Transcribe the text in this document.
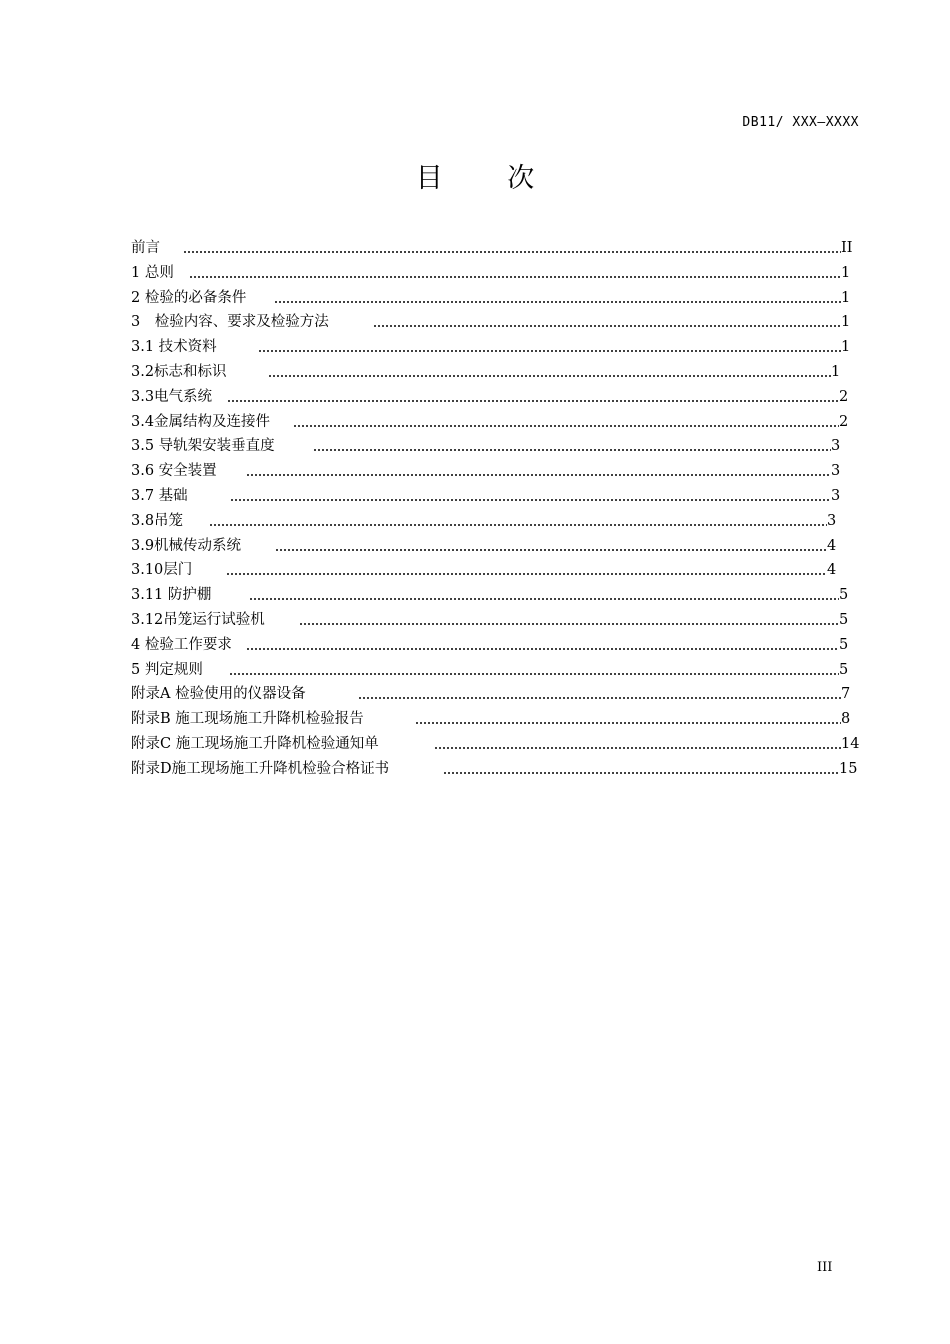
DB11/ XXX—XXXX
目 次
前言	II
1 总则	1
2 检验的必备条件	1
3　检验内容、要求及检验方法	1
3.1 技术资料	1
3.2标志和标识	1
3.3电气系统	2
3.4金属结构及连接件	2
3.5 导轨架安装垂直度	3
3.6 安全装置	3
3.7 基础	3
3.8吊笼	3
3.9机械传动系统	4
3.10层门	4
3.11 防护棚	5
3.12吊笼运行试验机	5
4 检验工作要求	5
5 判定规则	5
附录A 检验使用的仪器设备	7
附录B 施工现场施工升降机检验报告	8
附录C 施工现场施工升降机检验通知单	14
附录D施工现场施工升降机检验合格证书	15
III
